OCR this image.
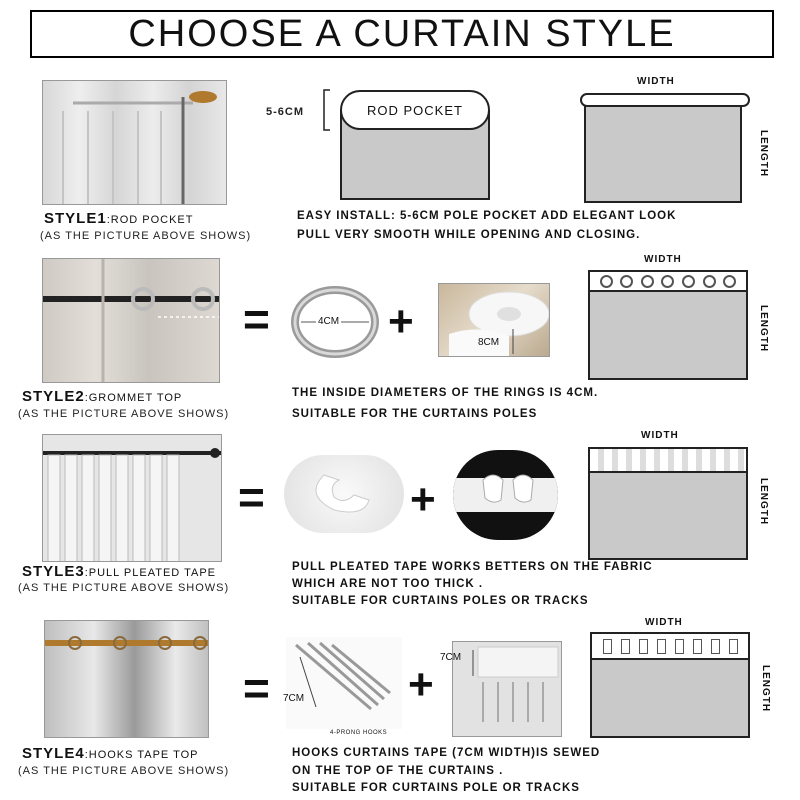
CHOOSE A CURTAIN STYLE
5-6CM	ROD POCKET
WIDTH
LENGTH
STYLE1:ROD POCKET
(AS THE PICTURE ABOVE SHOWS)
EASY INSTALL: 5-6CM POLE POCKET ADD ELEGANT LOOK
PULL VERY SMOOTH WHILE OPENING AND CLOSING.
=	4CM +	8CM
WIDTH
LENGTH
STYLE2:GROMMET TOP
(AS THE PICTURE ABOVE SHOWS)
THE INSIDE DIAMETERS OF THE RINGS IS 4CM.
SUITABLE FOR THE CURTAINS POLES
=	+
WIDTH
LENGTH
STYLE3:PULL PLEATED TAPE
(AS THE PICTURE ABOVE SHOWS)
PULL PLEATED TAPE WORKS BETTERS ON THE FABRIC
WHICH ARE NOT TOO THICK .
SUITABLE FOR CURTAINS POLES OR TRACKS
= 7CM
4-PRONG HOOKS
+
7CM
WIDTH
LENGTH
STYLE4:HOOKS TAPE TOP
(AS THE PICTURE ABOVE SHOWS)
HOOKS CURTAINS TAPE (7CM WIDTH)IS SEWED
ON THE TOP OF THE CURTAINS .
SUITABLE FOR CURTAINS POLE OR TRACKS
